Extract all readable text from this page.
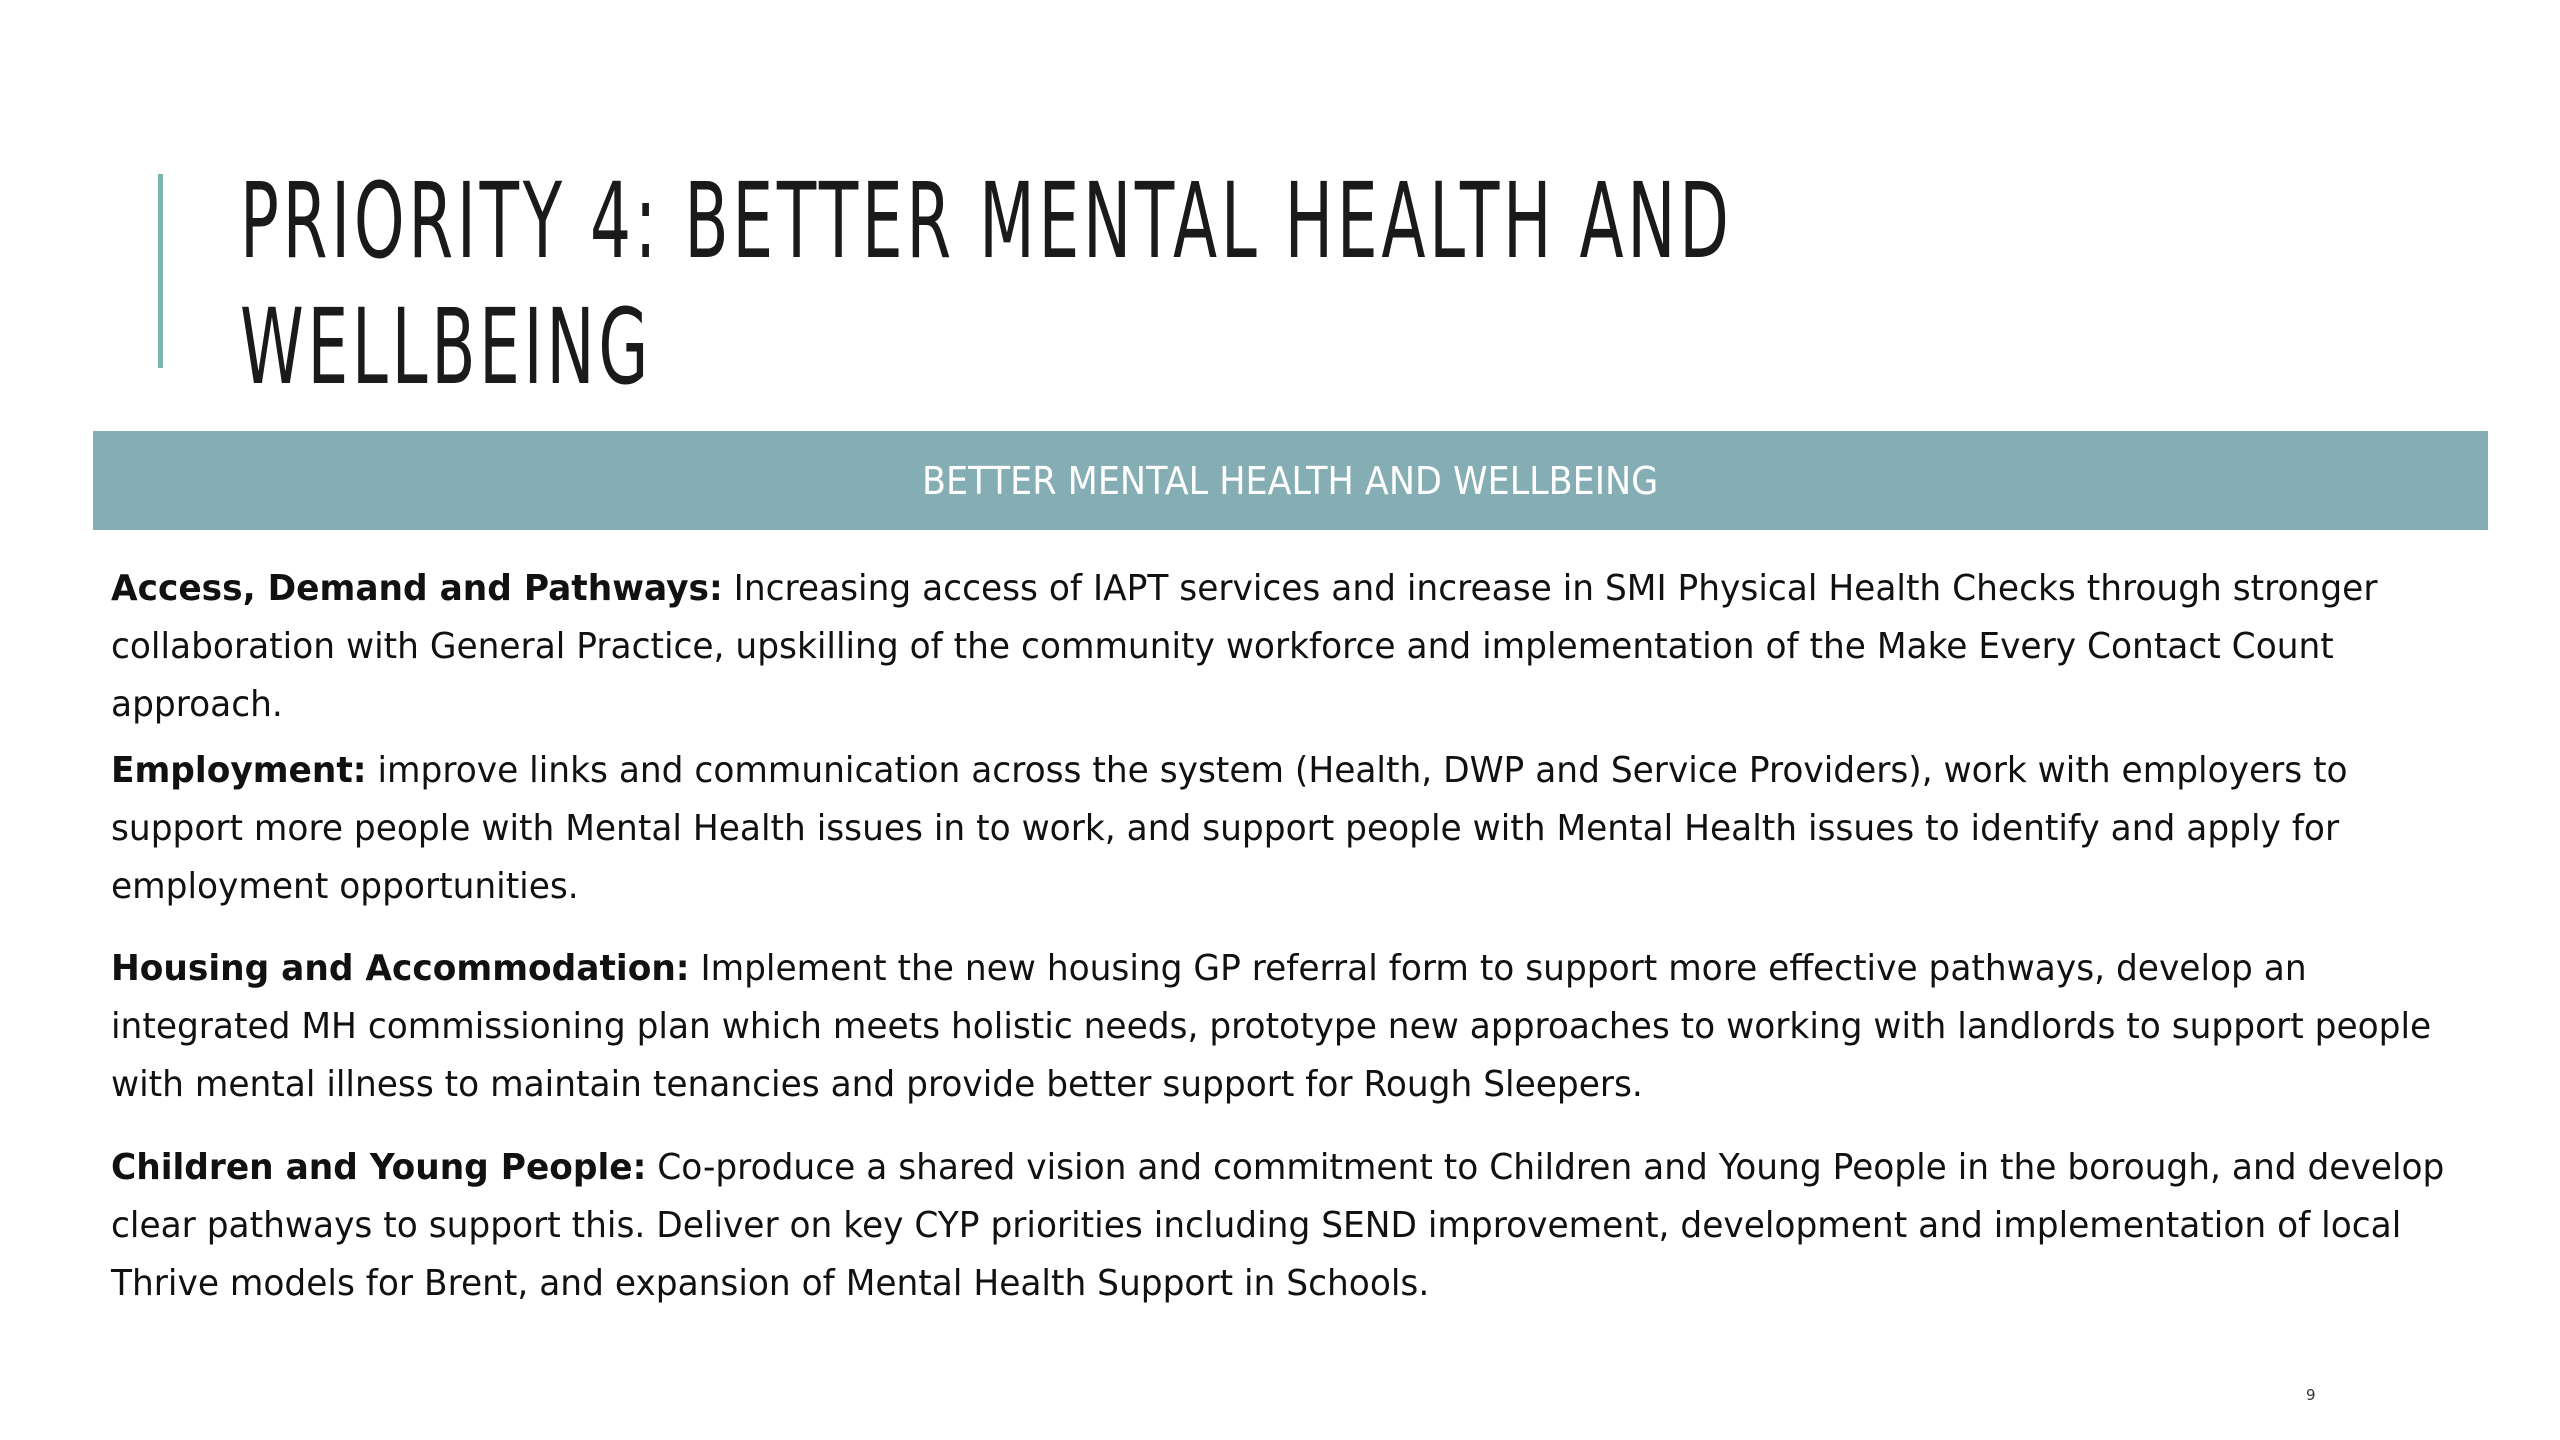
PRIORITY 4: BETTER MENTAL HEALTH AND
WELLBEING
BETTER MENTAL HEALTH AND WELLBEING

Access, Demand and Pathways: Increasing access of IAPT services and increase in SMI Physical Health Checks through stronger collaboration with General Practice, upskilling of the community workforce and implementation of the Make Every Contact Count approach.

Employment: improve links and communication across the system (Health, DWP and Service Providers), work with employers to support more people with Mental Health issues in to work, and support people with Mental Health issues to identify and apply for employment opportunities.

Housing and Accommodation: Implement the new housing GP referral form to support more effective pathways, develop an integrated MH commissioning plan which meets holistic needs, prototype new approaches to working with landlords to support people with mental illness to maintain tenancies and provide better support for Rough Sleepers.

Children and Young People: Co-produce a shared vision and commitment to Children and Young People in the borough, and develop clear pathways to support this. Deliver on key CYP priorities including SEND improvement, development and implementation of local Thrive models for Brent, and expansion of Mental Health Support in Schools.

9
